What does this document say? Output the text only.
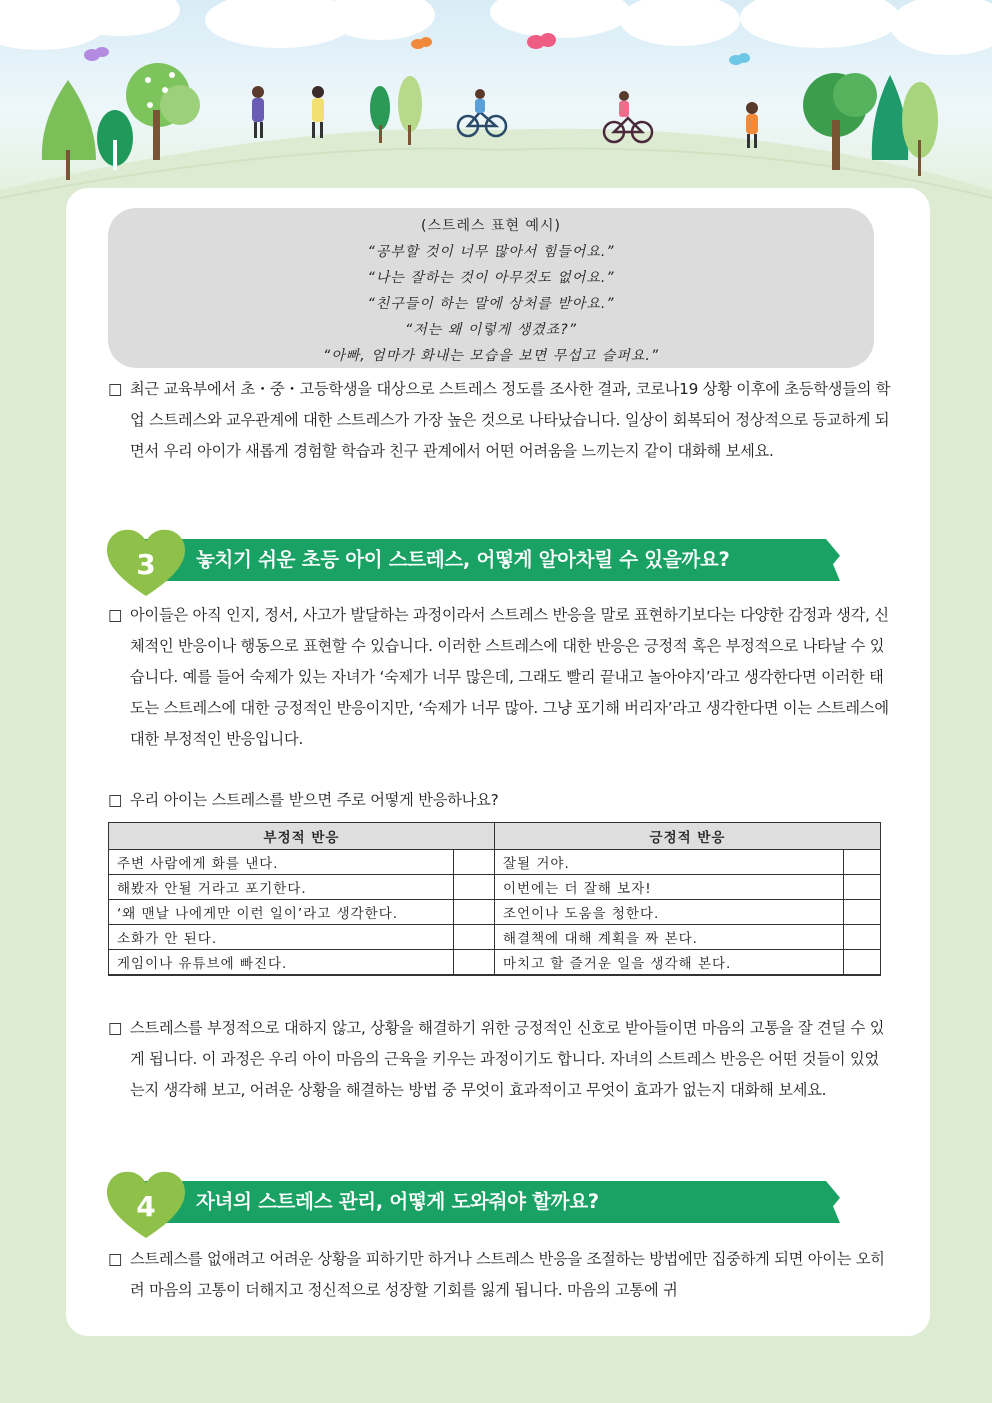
(스트레스 표현 예시)
“공부할 것이 너무 많아서 힘들어요.”
“나는 잘하는 것이 아무것도 없어요.”
“친구들이 하는 말에 상처를 받아요.”
“저는 왜 이렇게 생겼죠?”
“아빠, 엄마가 화내는 모습을 보면 무섭고 슬퍼요.”
□ 최근 교육부에서 초・중・고등학생을 대상으로 스트레스 정도를 조사한 결과, 코로나19 상황 이후에 초등학생들의 학업 스트레스와 교우관계에 대한 스트레스가 가장 높은 것으로 나타났습니다. 일상이 회복되어 정상적으로 등교하게 되면서 우리 아이가 새롭게 경험할 학습과 친구 관계에서 어떤 어려움을 느끼는지 같이 대화해 보세요.
3	놓치기 쉬운 초등 아이 스트레스, 어떻게 알아차릴 수 있을까요?
□ 아이들은 아직 인지, 정서, 사고가 발달하는 과정이라서 스트레스 반응을 말로 표현하기보다는 다양한 감정과 생각, 신체적인 반응이나 행동으로 표현할 수 있습니다. 이러한 스트레스에 대한 반응은 긍정적 혹은 부정적으로 나타날 수 있습니다. 예를 들어 숙제가 있는 자녀가 ‘숙제가 너무 많은데, 그래도 빨리 끝내고 놀아야지’라고 생각한다면 이러한 태도는 스트레스에 대한 긍정적인 반응이지만, ‘숙제가 너무 많아. 그냥 포기해 버리자’라고 생각한다면 이는 스트레스에 대한 부정적인 반응입니다.
□ 우리 아이는 스트레스를 받으면 주로 어떻게 반응하나요?
부정적 반응		긍정적 반응	
주변 사람에게 화를 낸다.		잘될 거야.	
해봤자 안될 거라고 포기한다.		이번에는 더 잘해 보자!	
‘왜 맨날 나에게만 이런 일이’라고 생각한다.		조언이나 도움을 청한다.	
소화가 안 된다.		해결책에 대해 계획을 짜 본다.	
게임이나 유튜브에 빠진다.		마치고 할 즐거운 일을 생각해 본다.	
□ 스트레스를 부정적으로 대하지 않고, 상황을 해결하기 위한 긍정적인 신호로 받아들이면 마음의 고통을 잘 견딜 수 있게 됩니다. 이 과정은 우리 아이 마음의 근육을 키우는 과정이기도 합니다. 자녀의 스트레스 반응은 어떤 것들이 있었는지 생각해 보고, 어려운 상황을 해결하는 방법 중 무엇이 효과적이고 무엇이 효과가 없는지 대화해 보세요.
4	자녀의 스트레스 관리, 어떻게 도와줘야 할까요?
□ 스트레스를 없애려고 어려운 상황을 피하기만 하거나 스트레스 반응을 조절하는 방법에만 집중하게 되면 아이는 오히려 마음의 고통이 더해지고 정신적으로 성장할 기회를 잃게 됩니다. 마음의 고통에 귀
